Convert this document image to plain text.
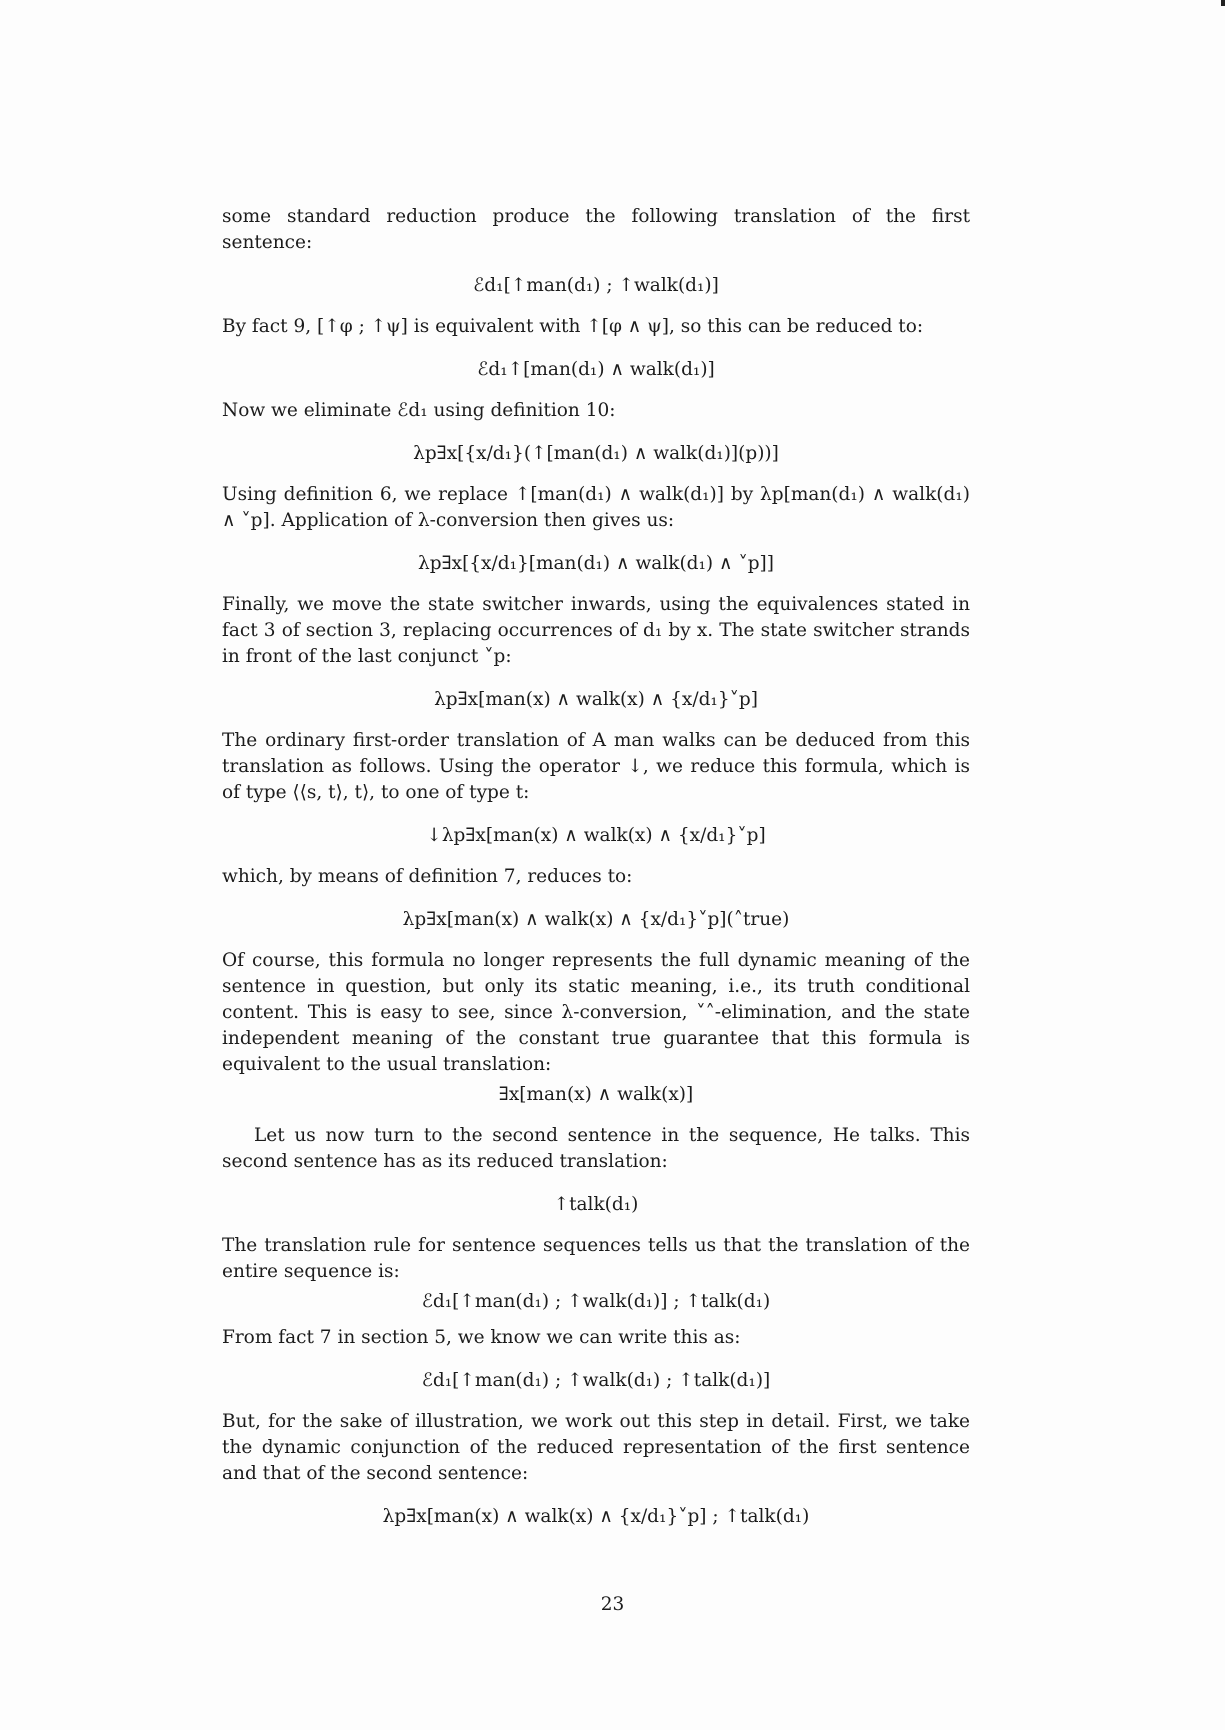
some standard reduction produce the following translation of the first sentence:

ℰd₁[↑man(d₁) ; ↑walk(d₁)]

By fact 9, [↑φ ; ↑ψ] is equivalent with ↑[φ ∧ ψ], so this can be reduced to:

ℰd₁↑[man(d₁) ∧ walk(d₁)]

Now we eliminate ℰd₁ using definition 10:

λp∃x[{x/d₁}(↑[man(d₁) ∧ walk(d₁)](p))]

Using definition 6, we replace ↑[man(d₁) ∧ walk(d₁)] by λp[man(d₁) ∧ walk(d₁) ∧ ˅p]. Application of λ-conversion then gives us:

λp∃x[{x/d₁}[man(d₁) ∧ walk(d₁) ∧ ˅p]]

Finally, we move the state switcher inwards, using the equivalences stated in fact 3 of section 3, replacing occurrences of d₁ by x. The state switcher strands in front of the last conjunct ˅p:

λp∃x[man(x) ∧ walk(x) ∧ {x/d₁}˅p]

The ordinary first-order translation of A man walks can be deduced from this translation as follows. Using the operator ↓, we reduce this formula, which is of type ⟨⟨s, t⟩, t⟩, to one of type t:

↓λp∃x[man(x) ∧ walk(x) ∧ {x/d₁}˅p]

which, by means of definition 7, reduces to:

λp∃x[man(x) ∧ walk(x) ∧ {x/d₁}˅p](˄true)

Of course, this formula no longer represents the full dynamic meaning of the sentence in question, but only its static meaning, i.e., its truth conditional content. This is easy to see, since λ-conversion, ˅˄-elimination, and the state independent meaning of the constant true guarantee that this formula is equivalent to the usual translation:

∃x[man(x) ∧ walk(x)]

Let us now turn to the second sentence in the sequence, He talks. This second sentence has as its reduced translation:

↑talk(d₁)

The translation rule for sentence sequences tells us that the translation of the entire sequence is:

ℰd₁[↑man(d₁) ; ↑walk(d₁)] ; ↑talk(d₁)

From fact 7 in section 5, we know we can write this as:

ℰd₁[↑man(d₁) ; ↑walk(d₁) ; ↑talk(d₁)]

But, for the sake of illustration, we work out this step in detail. First, we take the dynamic conjunction of the reduced representation of the first sentence and that of the second sentence:

λp∃x[man(x) ∧ walk(x) ∧ {x/d₁}˅p] ; ↑talk(d₁)
23
